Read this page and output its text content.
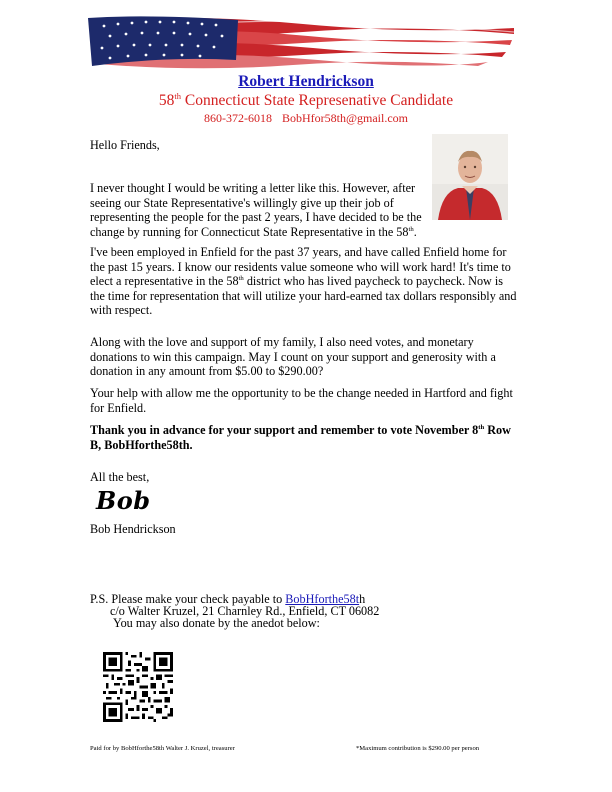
Robert Hendrickson
58th Connecticut State Represenative Candidate
860-372-6018 BobHfor58th@gmail.com
Hello Friends,
I never thought I would be writing a letter like this. However, after seeing our State Representative's willingly give up their job of representing the people for the past 2 years, I have decided to be the change by running for Connecticut State Representative in the 58th.
I've been employed in Enfield for the past 37 years, and have called Enfield home for the past 15 years. I know our residents value someone who will work hard! It's time to elect a representative in the 58th district who has lived paycheck to paycheck. Now is the time for representation that will utilize your hard-earned tax dollars responsibly and with respect.
Along with the love and support of my family, I also need votes, and monetary donations to win this campaign. May I count on your support and generosity with a donation in any amount from $5.00 to $290.00?
Your help with allow me the opportunity to be the change needed in Hartford and fight for Enfield.
Thank you in advance for your support and remember to vote November 8th Row B, BobHforthe58th.
All the best,
Bob
Bob Hendrickson
P.S. Please make your check payable to BobHforthe58th
c/o Walter Kruzel, 21 Charnley Rd., Enfield, CT 06082
You may also donate by the anedot below:
Paid for by BobHforthe58th Walter J. Kruzel, treasurer	*Maximum contribution is $290.00 per person
